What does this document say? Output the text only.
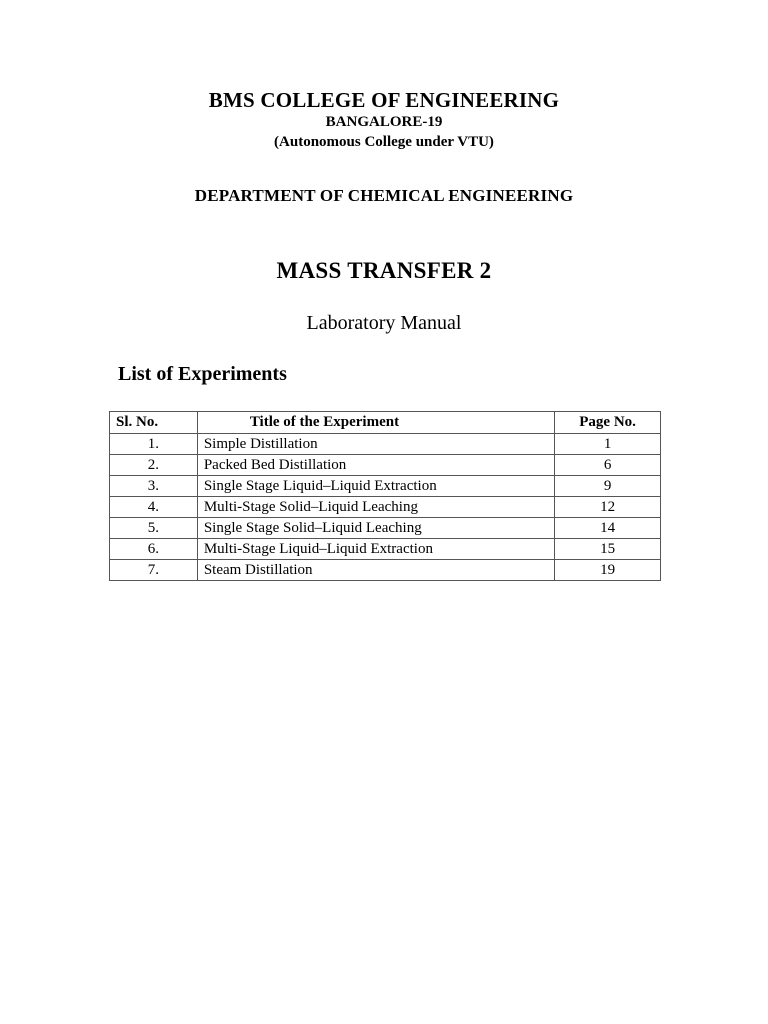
BMS COLLEGE OF ENGINEERING

BANGALORE-19

(Autonomous College under VTU)

DEPARTMENT OF CHEMICAL ENGINEERING

MASS TRANSFER 2

Laboratory Manual

List of Experiments

Sl. No.	Title of the Experiment	Page No.
1.	Simple Distillation	1
2.	Packed Bed Distillation	6
3.	Single Stage Liquid–Liquid Extraction	9
4.	Multi-Stage Solid–Liquid Leaching	12
5.	Single Stage Solid–Liquid Leaching	14
6.	Multi-Stage Liquid–Liquid Extraction	15
7.	Steam Distillation	19
